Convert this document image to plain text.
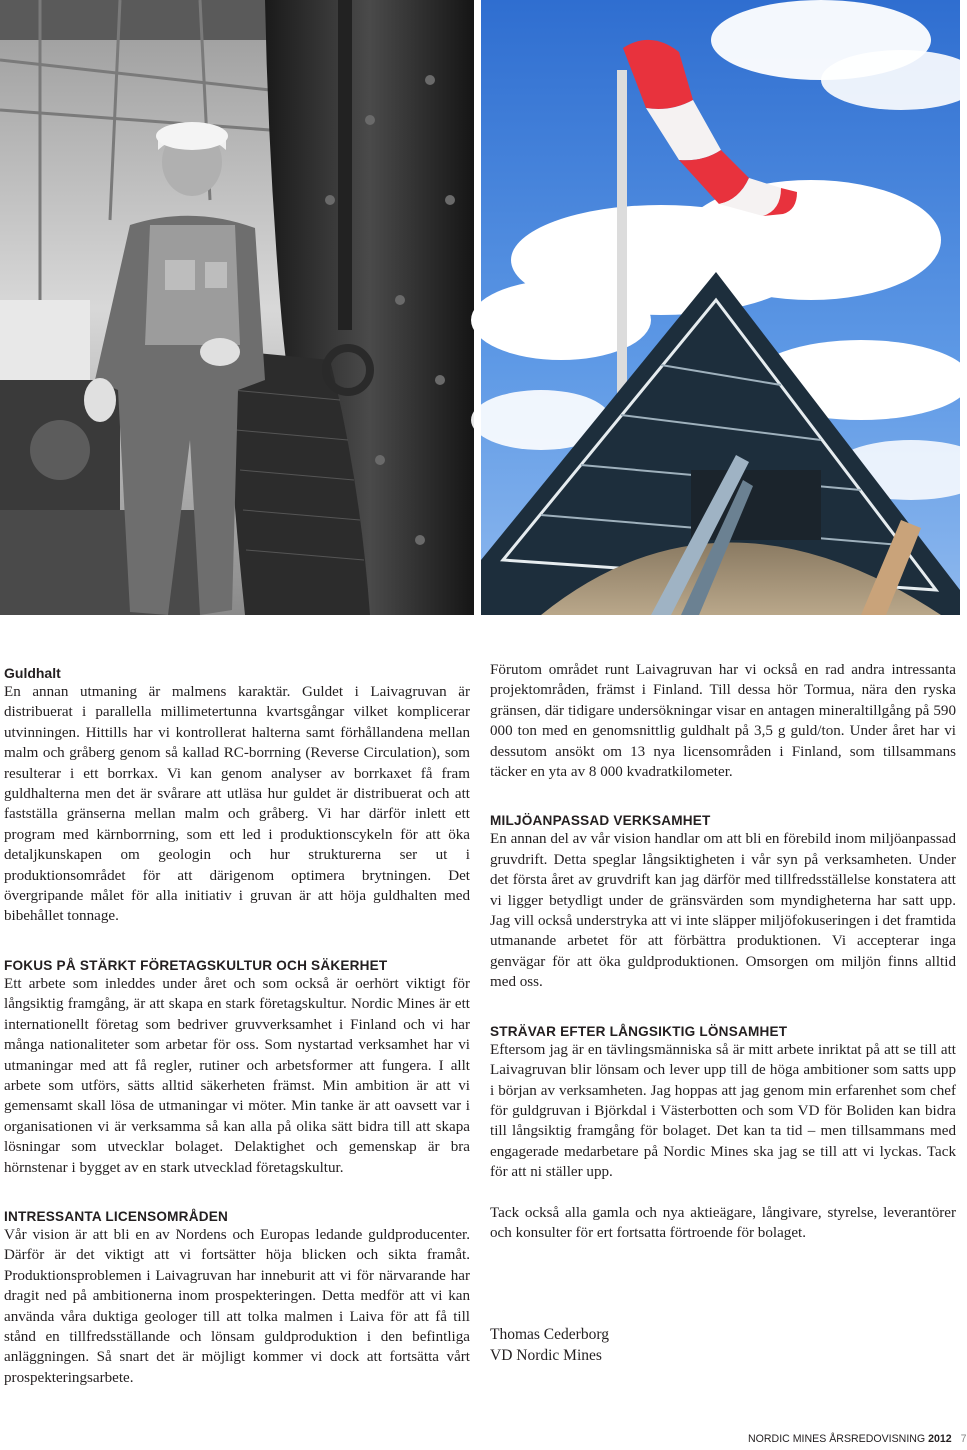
Guldhalt

En annan utmaning är malmens karaktär. Guldet i Laivagruvan är distribuerat i parallella millimetertunna kvartsgångar vilket komplicerar utvinningen. Hittills har vi kontrollerat halterna samt förhållandena mellan malm och gråberg genom så kallad RC-borrning (Reverse Circulation), som resulterar i ett borrkax. Vi kan genom analyser av borrkaxet få fram guldhalterna men det är svårare att utläsa hur guldet är distribuerat och att fastställa gränserna mellan malm och gråberg. Vi har därför inlett ett program med kärnborrning, som ett led i produktionscykeln för att öka detaljkunskapen om geologin och hur strukturerna ser ut i produktionsområdet för att därigenom optimera brytningen. Det övergripande målet för alla initiativ i gruvan är att höja guldhalten med bibehållet tonnage.

FOKUS PÅ STÄRKT FÖRETAGSKULTUR OCH SÄKERHET

Ett arbete som inleddes under året och som också är oerhört viktigt för långsiktig framgång, är att skapa en stark företagskultur. Nordic Mines är ett internationellt företag som bedriver gruvverksamhet i Finland och vi har många nationaliteter som arbetar för oss. Som nystartad verksamhet har vi utmaningar med att få regler, rutiner och arbetsformer att fungera. I allt arbete som utförs, sätts alltid säkerheten främst. Min ambition är att vi gemensamt skall lösa de utmaningar vi möter. Min tanke är att oavsett var i organisationen vi är verksamma så kan alla på olika sätt bidra till att skapa lösningar som utvecklar bolaget. Delaktighet och gemenskap är bra hörnstenar i bygget av en stark utvecklad företagskultur.

INTRESSANTA LICENSOMRÅDEN

Vår vision är att bli en av Nordens och Europas ledande guldproducenter. Därför är det viktigt att vi fortsätter höja blicken och sikta framåt. Produktionsproblemen i Laivagruvan har inneburit att vi för närvarande har dragit ned på ambitionerna inom prospekteringen. Detta medför att vi kan använda våra duktiga geologer till att tolka malmen i Laiva för att få till stånd en tillfredsställande och lönsam guldproduktion i den befintliga anläggningen. Så snart det är möjligt kommer vi dock att fortsätta vårt prospekteringsarbete.

Förutom området runt Laivagruvan har vi också en rad andra intressanta projektområden, främst i Finland. Till dessa hör Tormua, nära den ryska gränsen, där tidigare undersökningar visar en antagen mineraltillgång på 590 000 ton med en genomsnittlig guldhalt på 3,5 g guld/ton. Under året har vi dessutom ansökt om 13 nya licensområden i Finland, som tillsammans täcker en yta av 8 000 kvadratkilometer.

MILJÖANPASSAD VERKSAMHET

En annan del av vår vision handlar om att bli en förebild inom miljöanpassad gruvdrift. Detta speglar långsiktigheten i vår syn på verksamheten. Under det första året av gruvdrift kan jag därför med tillfredsställelse konstatera att vi ligger betydligt under de gränsvärden som myndigheterna har satt upp. Jag vill också understryka att vi inte släpper miljöfokuseringen i det framtida utmanande arbetet för att förbättra produktionen. Vi accepterar inga genvägar för att öka guldproduktionen. Omsorgen om miljön finns alltid med oss.

STRÄVAR EFTER LÅNGSIKTIG LÖNSAMHET

Eftersom jag är en tävlingsmänniska så är mitt arbete inriktat på att se till att Laivagruvan blir lönsam och lever upp till de höga ambitioner som satts upp i början av verksamheten. Jag hoppas att jag genom min erfarenhet som chef för guldgruvan i Björkdal i Västerbotten och som VD för Boliden kan bidra till långsiktig framgång för bolaget. Det kan ta tid – men tillsammans med engagerade medarbetare på Nordic Mines ska jag se till att vi lyckas. Tack för att ni ställer upp.

Tack också alla gamla och nya aktieägare, långivare, styrelse, leverantörer och konsulter för ert fortsatta förtroende för bolaget.

Thomas Cederborg

VD Nordic Mines

NORDIC MINES ÅRSREDOVISNING 2012 7
